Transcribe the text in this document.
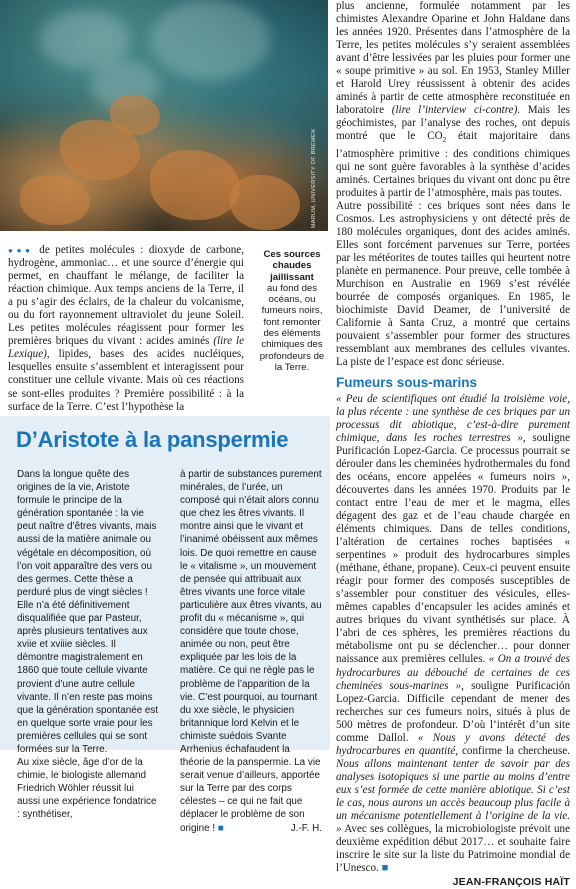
MARUM, UNIVERSITY OF BREMEN
Ces sources chaudes jaillissant
au fond des océans, ou fumeurs noirs, font remonter des éléments chimiques des profondeurs de la Terre.
●●● de petites molécules : dioxyde de carbone, hydrogène, ammoniac… et une source d’énergie qui permet, en chauffant le mélange, de faciliter la réaction chimique. Aux temps anciens de la Terre, il a pu s’agir des éclairs, de la chaleur du volcanisme, ou du fort rayonnement ultraviolet du jeune Soleil. Les petites molécules réagissent pour former les premières briques du vivant : acides aminés (lire le Lexique), lipides, bases des acides nucléiques, lesquelles ensuite s’assemblent et interagissent pour constituer une cellule vivante. Mais où ces réactions se sont-elles produites ? Première possibilité : à la surface de la Terre. C’est l’hypothèse la

plus ancienne, formulée notamment par les chimistes Alexandre Oparine et John Haldane dans les années 1920. Présentes dans l’atmosphère de la Terre, les petites molécules s’y seraient assemblées avant d’être lessivées par les pluies pour former une « soupe primitive » au sol. En 1953, Stanley Miller et Harold Urey réussissent à obtenir des acides aminés à partir de cette atmosphère reconstituée en laboratoire (lire l’interview ci-contre). Mais les géochimistes, par l’analyse des roches, ont depuis montré que le $CO_2$ était majoritaire dans l’atmosphère primitive : des conditions chimiques qui ne sont guère favorables à la synthèse d’acides aminés. Certaines briques du vivant ont donc pu être produites à partir de l’atmosphère, mais pas toutes.

Autre possibilité : ces briques sont nées dans le Cosmos. Les astrophysiciens y ont détecté près de 180 molécules organiques, dont des acides aminés. Elles sont forcément parvenues sur Terre, portées par les météorites de toutes tailles qui heurtent notre planète en permanence. Pour preuve, celle tombée à Murchison en Australie en 1969 s’est révélée bourrée de composés organiques. En 1985, le biochimiste David Deamer, de l’université de Californie à Santa Cruz, a montré que certains pouvaient s’assembler pour former des structures ressemblant aux membranes des cellules vivantes. La piste de l’espace est donc sérieuse.

Fumeurs sous-marins

« Peu de scientifiques ont étudié la troisième voie, la plus récente : une synthèse de ces briques par un processus dit abiotique, c’est-à-dire purement chimique, dans les roches terrestres », souligne Purificación Lopez-Garcia. Ce processus pourrait se dérouler dans les cheminées hydrothermales du fond des océans, encore appelées « fumeurs noirs », découvertes dans les années 1970. Produits par le contact entre l’eau de mer et le magma, elles dégagent des gaz et de l’eau chaude chargée en éléments chimiques. Dans de telles conditions, l’altération de certaines roches baptisées « serpentines » produit des hydrocarbures simples (méthane, éthane, propane). Ceux-ci peuvent ensuite réagir pour former des composés susceptibles de s’assembler pour constituer des vésicules, elles-mêmes capables d’encapsuler les acides aminés et autres briques du vivant synthétisés sur place. À l’abri de ces sphères, les premières réactions du métabolisme ont pu se déclencher… pour donner naissance aux premières cellules. « On a trouvé des hydrocarbures au débouché de certaines de ces cheminées sous-marines », souligne Purificación Lopez-Garcia. Difficile cependant de mener des recherches sur ces fumeurs noirs, situés à plus de 500 mètres de profondeur. D’où l’intérêt d’un site comme Dallol. « Nous y avons détecté des hydrocarbures en quantité, confirme la chercheuse. Nous allons maintenant tenter de savoir par des analyses isotopiques si une partie au moins d’entre eux s’est formée de cette manière abiotique. Si c’est le cas, nous aurons un accès beaucoup plus facile à un mécanisme potentiellement à l’origine de la vie. » Avec ses collègues, la microbiologiste prévoit une deuxième expédition début 2017… et souhaite faire inscrire le site sur la liste du Patrimoine mondial de l’Unesco. ■

JEAN-FRANÇOIS HAÏT
D’Aristote à la panspermie
Dans la longue quête des origines de la vie, Aristote formule le principe de la génération spontanée : la vie peut naître d’êtres vivants, mais aussi de la matière animale ou végétale en décomposition, où l’on voit apparaître des vers ou des germes. Cette thèse a perduré plus de vingt siècles ! Elle n’a été définitivement disqualifiée que par Pasteur, après plusieurs tentatives aux xviie et xviiie siècles. Il démontre magistralement en 1860 que toute cellule vivante provient d’une autre cellule vivante. Il n’en reste pas moins que la génération spontanée est en quelque sorte vraie pour les premières cellules qui se sont formées sur la Terre.
Au xixe siècle, âge d’or de la chimie, le biologiste allemand Friedrich Wöhler réussit lui aussi une expérience fondatrice : synthétiser,
à partir de substances purement minérales, de l’urée, un composé qui n’était alors connu que chez les êtres vivants. Il montre ainsi que le vivant et l’inanimé obéissent aux mêmes lois. De quoi remettre en cause le « vitalisme », un mouvement de pensée qui attribuait aux êtres vivants une force vitale particulière aux êtres vivants, au profit du « mécanisme », qui considère que toute chose, animée ou non, peut être expliquée par les lois de la matière. Ce qui ne règle pas le problème de l’apparition de la vie. C’est pourquoi, au tournant du xxe siècle, le physicien britannique lord Kelvin et le chimiste suédois Svante Arrhenius échafaudent la théorie de la panspermie. La vie serait venue d’ailleurs, apportée sur la Terre par des corps célestes – ce qui ne fait que déplacer le problème de son origine ! ■	J.-F. H.
